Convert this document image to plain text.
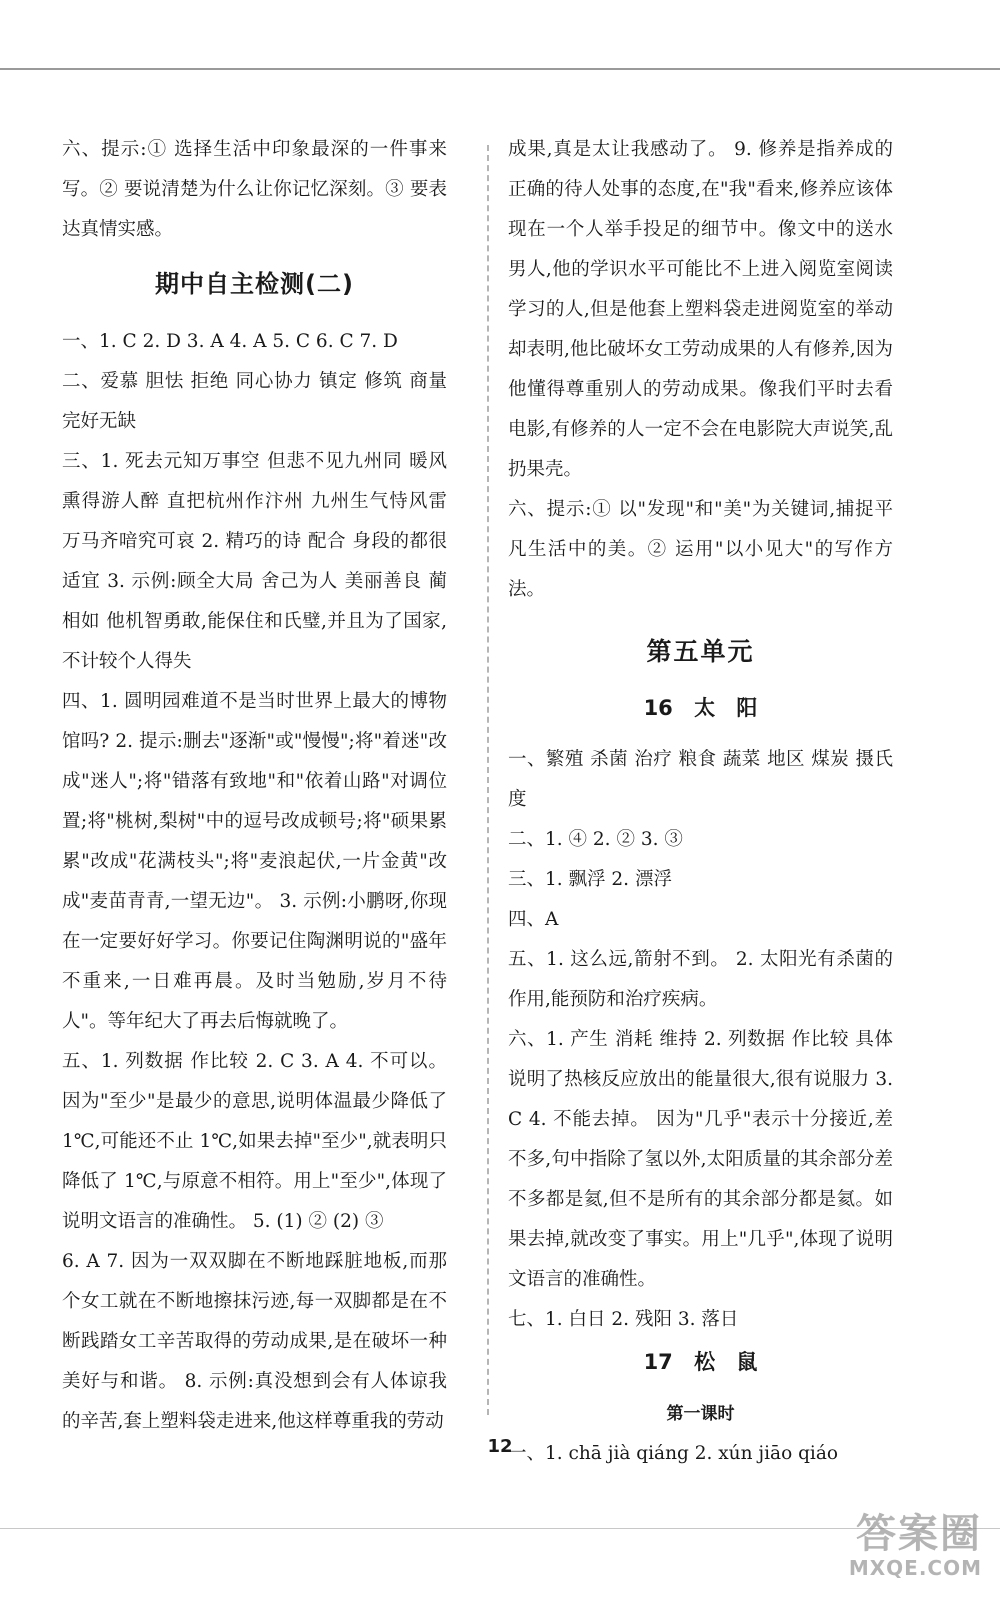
六、提示:① 选择生活中印象最深的一件事来写。② 要说清楚为什么让你记忆深刻。③ 要表达真情实感。

期中自主检测(二)

一、1. C 2. D 3. A 4. A 5. C 6. C 7. D

二、爱慕 胆怯 拒绝 同心协力 镇定 修筑 商量 完好无缺

三、1. 死去元知万事空 但悲不见九州同 暖风熏得游人醉 直把杭州作汴州 九州生气恃风雷 万马齐喑究可哀 2. 精巧的诗 配合 身段的都很适宜 3. 示例:顾全大局 舍己为人 美丽善良 蔺相如 他机智勇敢,能保住和氏璧,并且为了国家,不计较个人得失

四、1. 圆明园难道不是当时世界上最大的博物馆吗? 2. 提示:删去"逐渐"或"慢慢";将"着迷"改成"迷人";将"错落有致地"和"依着山路"对调位置;将"桃树,梨树"中的逗号改成顿号;将"硕果累累"改成"花满枝头";将"麦浪起伏,一片金黄"改成"麦苗青青,一望无边"。 3. 示例:小鹏呀,你现在一定要好好学习。你要记住陶渊明说的"盛年不重来,一日难再晨。及时当勉励,岁月不待人"。等年纪大了再去后悔就晚了。

五、1. 列数据 作比较 2. C 3. A 4. 不可以。因为"至少"是最少的意思,说明体温最少降低了 1℃,可能还不止 1℃,如果去掉"至少",就表明只降低了 1℃,与原意不相符。用上"至少",体现了说明文语言的准确性。 5. (1) ② (2) ③

6. A 7. 因为一双双脚在不断地踩脏地板,而那个女工就在不断地擦抹污迹,每一双脚都是在不断践踏女工辛苦取得的劳动成果,是在破坏一种美好与和谐。 8. 示例:真没想到会有人体谅我的辛苦,套上塑料袋走进来,他这样尊重我的劳动

成果,真是太让我感动了。 9. 修养是指养成的正确的待人处事的态度,在"我"看来,修养应该体现在一个人举手投足的细节中。像文中的送水男人,他的学识水平可能比不上进入阅览室阅读学习的人,但是他套上塑料袋走进阅览室的举动却表明,他比破坏女工劳动成果的人有修养,因为他懂得尊重别人的劳动成果。像我们平时去看电影,有修养的人一定不会在电影院大声说笑,乱扔果壳。

六、提示:① 以"发现"和"美"为关键词,捕捉平凡生活中的美。② 运用"以小见大"的写作方法。

第五单元
16 太 阳

一、繁殖 杀菌 治疗 粮食 蔬菜 地区 煤炭 摄氏度

二、1. ④ 2. ② 3. ③

三、1. 飘浮 2. 漂浮

四、A

五、1. 这么远,箭射不到。 2. 太阳光有杀菌的作用,能预防和治疗疾病。

六、1. 产生 消耗 维持 2. 列数据 作比较 具体说明了热核反应放出的能量很大,很有说服力 3. C 4. 不能去掉。 因为"几乎"表示十分接近,差不多,句中指除了氢以外,太阳质量的其余部分差不多都是氦,但不是所有的其余部分都是氦。如果去掉,就改变了事实。用上"几乎",体现了说明文语言的准确性。

七、1. 白日 2. 残阳 3. 落日

17 松 鼠
第一课时

一、1. chā jià qiáng 2. xún jiāo qiáo

12
答案圈
MXQE.COM
